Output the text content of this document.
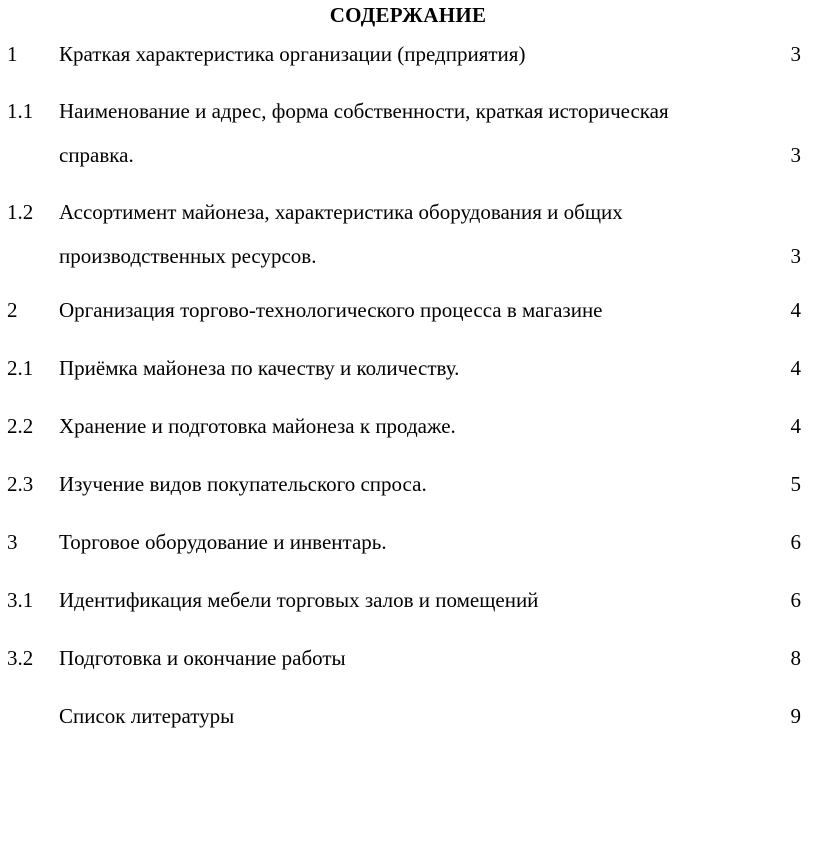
СОДЕРЖАНИЕ
1 Краткая характеристика организации (предприятия)	3
1.1 Наименование и адрес, форма собственности, краткая историческая
справка.	3
1.2 Ассортимент майонеза, характеристика оборудования и общих
производственных ресурсов.	3
2 Организация торгово-технологического процесса в магазине	4
2.1 Приёмка майонеза по качеству и количеству.	4
2.2 Хранение и подготовка майонеза к продаже.	4
2.3 Изучение видов покупательского спроса.	5
3 Торговое оборудование и инвентарь.	6
3.1 Идентификация мебели торговых залов и помещений	6
3.2 Подготовка и окончание работы	8
Список литературы	9
